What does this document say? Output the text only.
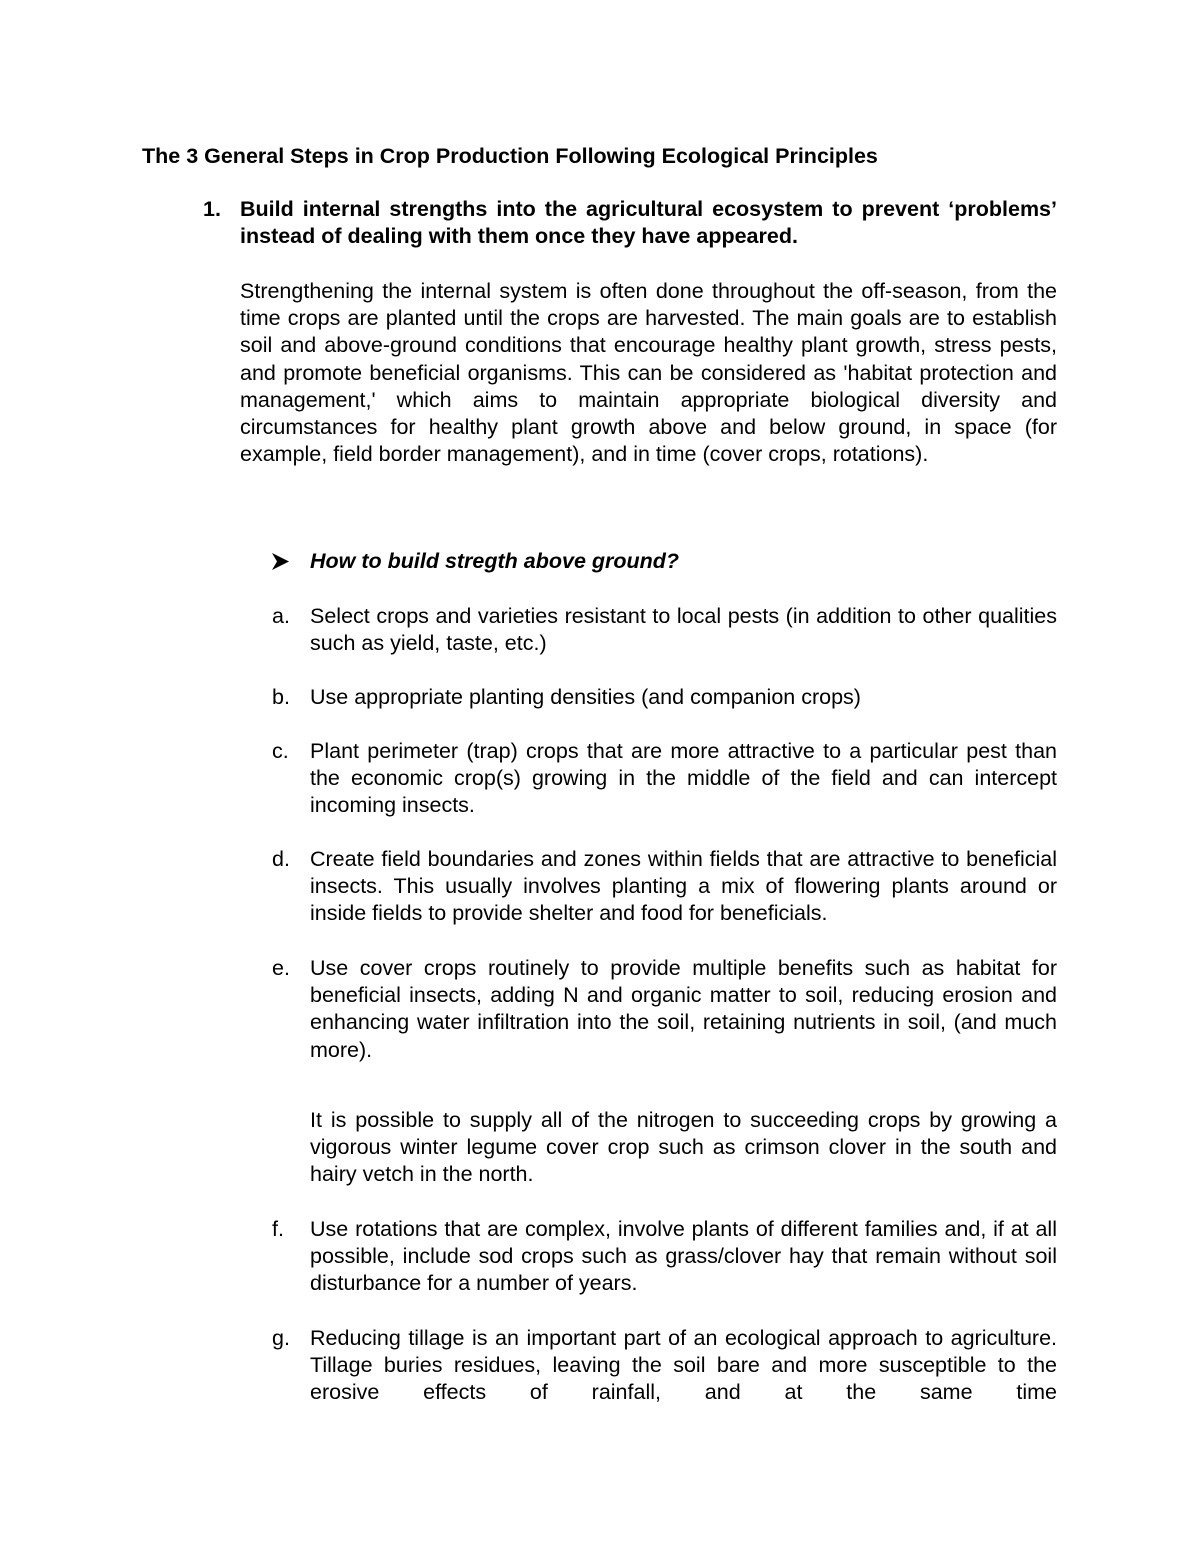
The 3 General Steps in Crop Production Following Ecological Principles
1. Build internal strengths into the agricultural ecosystem to prevent ‘problems’ instead of dealing with them once they have appeared.
Strengthening the internal system is often done throughout the off-season, from the time crops are planted until the crops are harvested. The main goals are to establish soil and above-ground conditions that encourage healthy plant growth, stress pests, and promote beneficial organisms. This can be considered as 'habitat protection and management,' which aims to maintain appropriate biological diversity and circumstances for healthy plant growth above and below ground, in space (for example, field border management), and in time (cover crops, rotations).
How to build stregth above ground?
a. Select crops and varieties resistant to local pests (in addition to other qualities such as yield, taste, etc.)
b. Use appropriate planting densities (and companion crops)
c. Plant perimeter (trap) crops that are more attractive to a particular pest than the economic crop(s) growing in the middle of the field and can intercept incoming insects.
d. Create field boundaries and zones within fields that are attractive to beneficial insects. This usually involves planting a mix of flowering plants around or inside fields to provide shelter and food for beneficials.
e. Use cover crops routinely to provide multiple benefits such as habitat for beneficial insects, adding N and organic matter to soil, reducing erosion and enhancing water infiltration into the soil, retaining nutrients in soil, (and much more).
It is possible to supply all of the nitrogen to succeeding crops by growing a vigorous winter legume cover crop such as crimson clover in the south and hairy vetch in the north.
f. Use rotations that are complex, involve plants of different families and, if at all possible, include sod crops such as grass/clover hay that remain without soil disturbance for a number of years.
g. Reducing tillage is an important part of an ecological approach to agriculture. Tillage buries residues, leaving the soil bare and more susceptible to the erosive effects of rainfall, and at the same time
